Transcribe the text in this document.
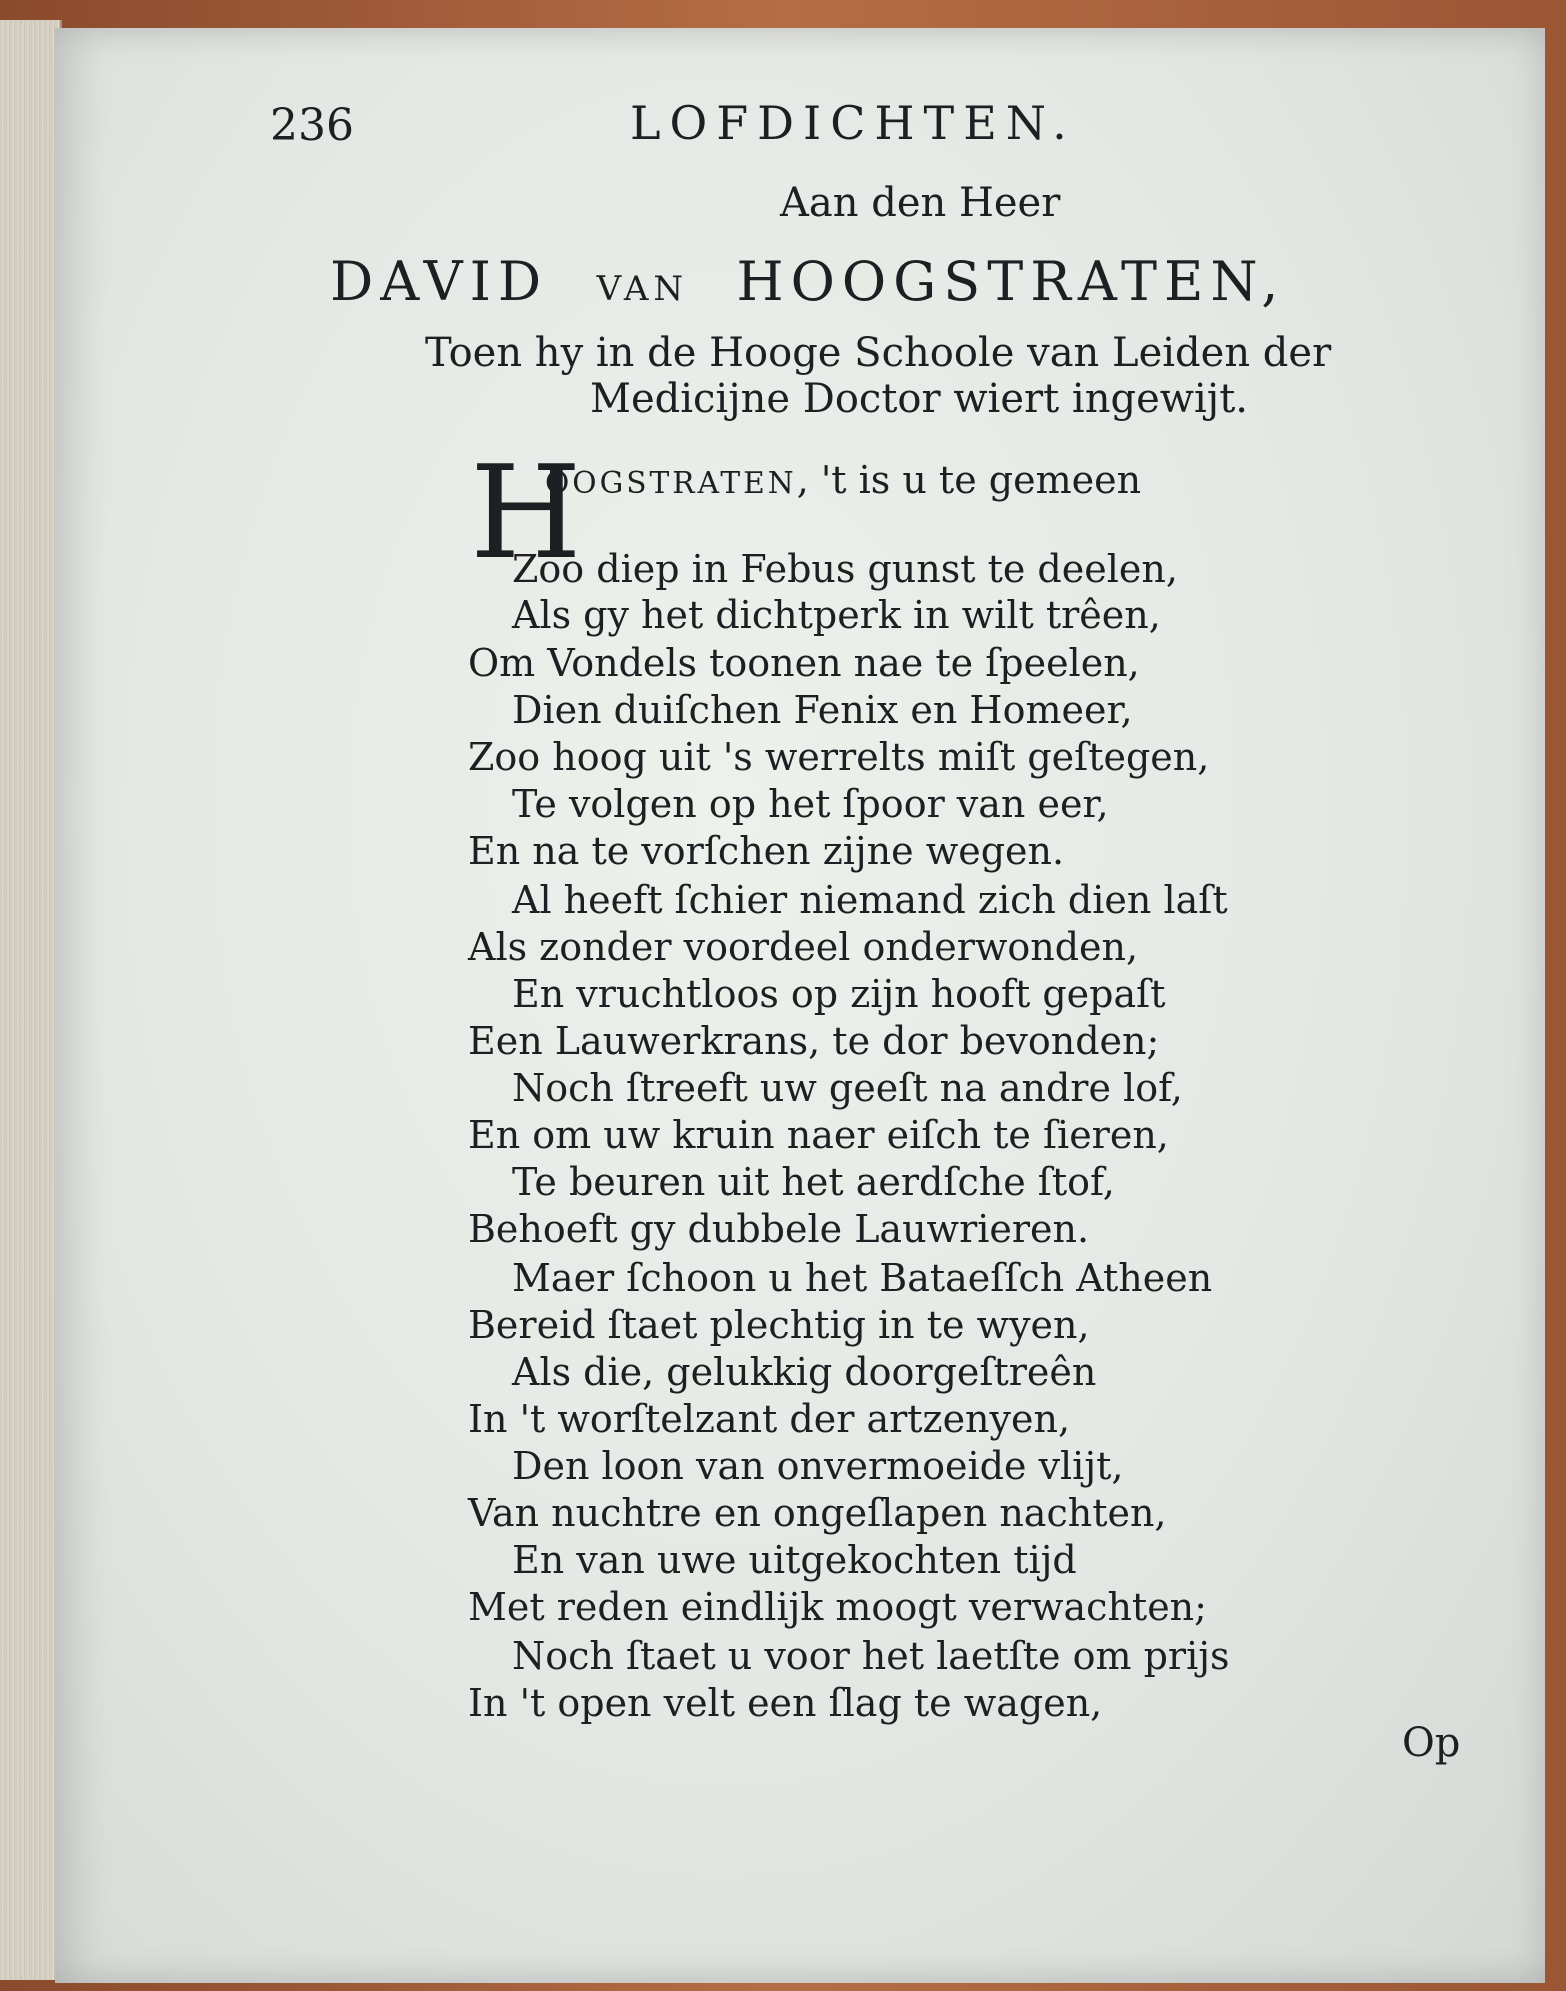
236	LOFDICHTEN.
Aan den Heer
DAVID VAN HOOGSTRATEN,
Toen hy in de Hooge Schoole van Leiden der
Medicijne Doctor wiert ingewijt.
H
OOGSTRATEN, 't is u te gemeen
Zoo diep in Febus gunst te deelen,
Als gy het dichtperk in wilt trêen,
Om Vondels toonen nae te ſpeelen,
Dien duiſchen Fenix en Homeer,
Zoo hoog uit 's werrelts miſt geſtegen,
Te volgen op het ſpoor van eer,
En na te vorſchen zijne wegen.
Al heeft ſchier niemand zich dien laſt
Als zonder voordeel onderwonden,
En vruchtloos op zijn hooft gepaſt
Een Lauwerkrans, te dor bevonden;
Noch ſtreeft uw geeſt na andre lof,
En om uw kruin naer eiſch te ſieren,
Te beuren uit het aerdſche ſtof,
Behoeft gy dubbele Lauwrieren.
Maer ſchoon u het Bataeſſch Atheen
Bereid ſtaet plechtig in te wyen,
Als die, gelukkig doorgeſtreên
In 't worſtelzant der artzenyen,
Den loon van onvermoeide vlijt,
Van nuchtre en ongeſlapen nachten,
En van uwe uitgekochten tijd
Met reden eindlijk moogt verwachten;
Noch ſtaet u voor het laetſte om prijs
In 't open velt een ſlag te wagen,
Op
